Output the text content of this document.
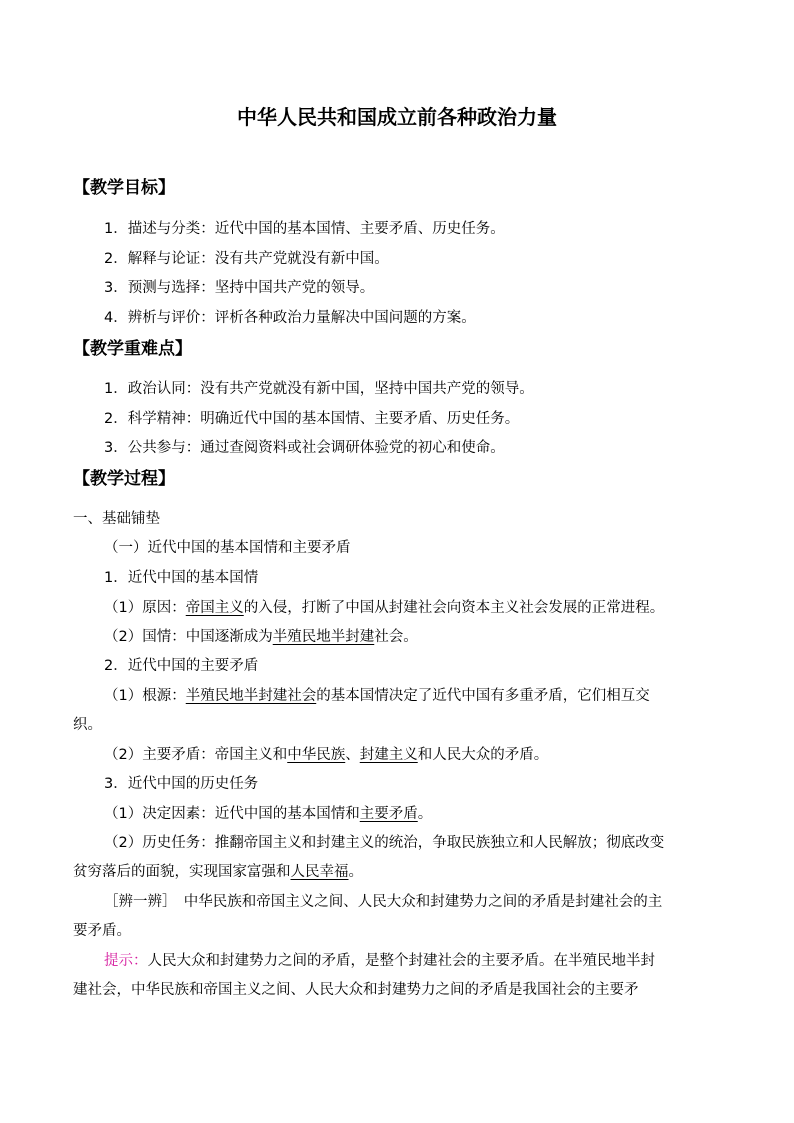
中华人民共和国成立前各种政治力量
【教学目标】
1．描述与分类：近代中国的基本国情、主要矛盾、历史任务。
2．解释与论证：没有共产党就没有新中国。
3．预测与选择：坚持中国共产党的领导。
4．辨析与评价：评析各种政治力量解决中国问题的方案。
【教学重难点】
1．政治认同：没有共产党就没有新中国，坚持中国共产党的领导。
2．科学精神：明确近代中国的基本国情、主要矛盾、历史任务。
3．公共参与：通过查阅资料或社会调研体验党的初心和使命。
【教学过程】
一、基础铺垫
（一）近代中国的基本国情和主要矛盾
1．近代中国的基本国情
（1）原因：帝国主义的入侵，打断了中国从封建社会向资本主义社会发展的正常进程。
（2）国情：中国逐渐成为半殖民地半封建社会。
2．近代中国的主要矛盾
（1）根源：半殖民地半封建社会的基本国情决定了近代中国有多重矛盾，它们相互交
织。
（2）主要矛盾：帝国主义和中华民族、封建主义和人民大众的矛盾。
3．近代中国的历史任务
（1）决定因素：近代中国的基本国情和主要矛盾。
（2）历史任务：推翻帝国主义和封建主义的统治，争取民族独立和人民解放；彻底改变
贫穷落后的面貌，实现国家富强和人民幸福。
［辨一辨］　中华民族和帝国主义之间、人民大众和封建势力之间的矛盾是封建社会的主
要矛盾。
提示：人民大众和封建势力之间的矛盾，是整个封建社会的主要矛盾。在半殖民地半封
建社会，中华民族和帝国主义之间、人民大众和封建势力之间的矛盾是我国社会的主要矛
